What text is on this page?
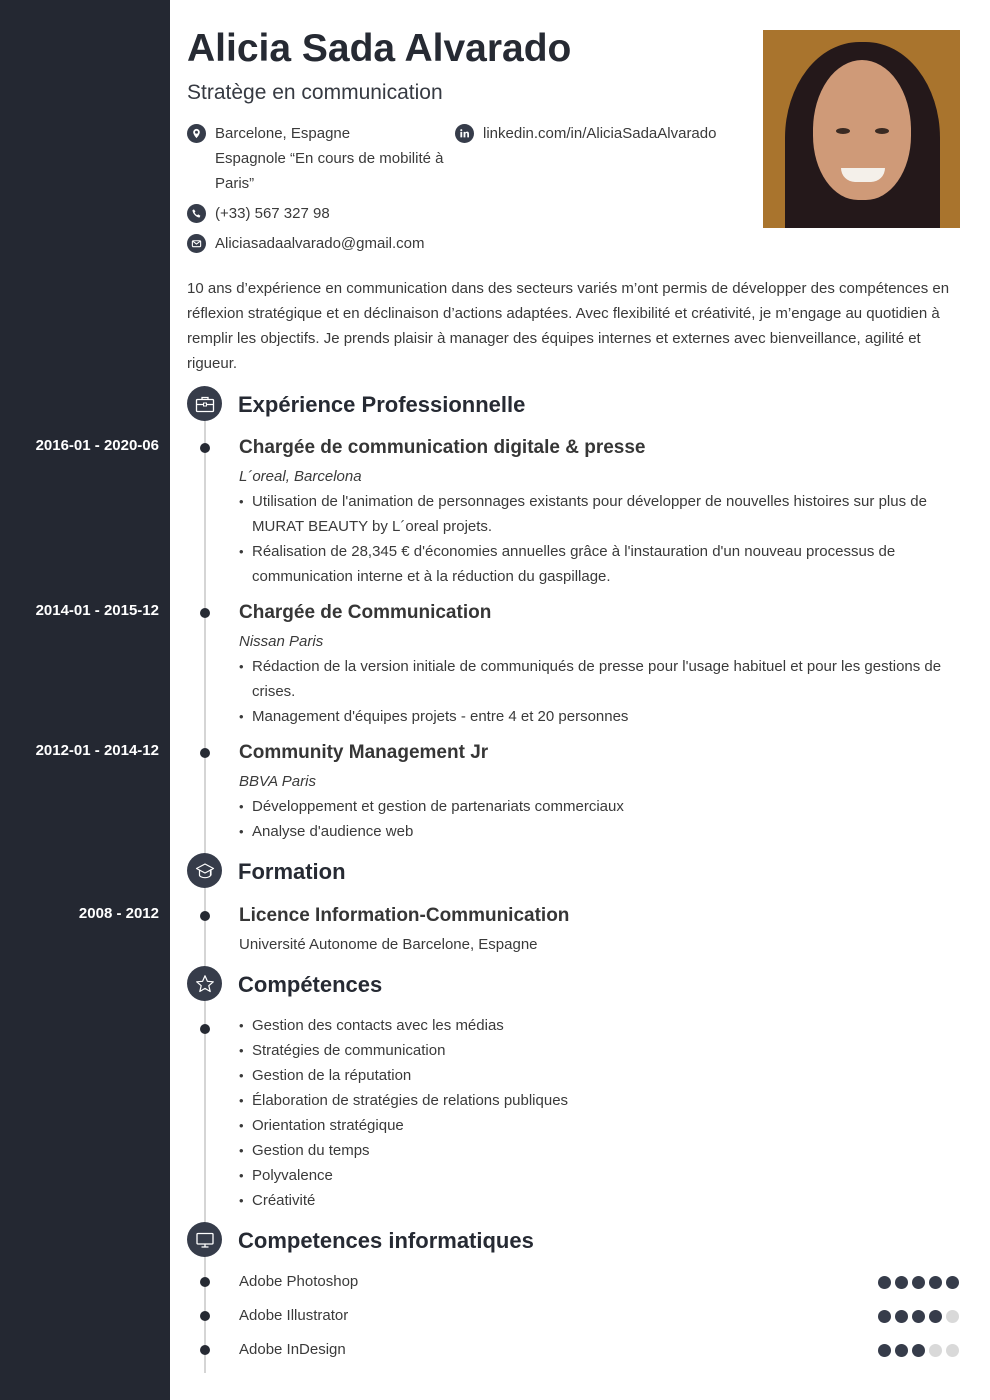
2016-01 - 2020-06
2014-01 - 2015-12
2012-01 - 2014-12
2008 - 2012
Alicia Sada Alvarado
Stratège en communication
Barcelone, Espagne
Espagnole “En cours de mobilité à
Paris”
(+33) 567 327 98
Aliciasadaalvarado@gmail.com
linkedin.com/in/AliciaSadaAlvarado

10 ans d’expérience en communication dans des secteurs variés m’ont permis de développer des compétences en réflexion stratégique et en déclinaison d’actions adaptées. Avec flexibilité et créativité, je m’engage au quotidien à remplir les objectifs. Je prends plaisir à manager des équipes internes et externes avec bienveillance, agilité et rigueur.

Expérience Professionnelle
Chargée de communication digitale & presse
L´oreal, Barcelona
• Utilisation de l'animation de personnages existants pour développer de nouvelles histoires sur plus de MURAT BEAUTY by L´oreal projets.
• Réalisation de 28,345 € d'économies annuelles grâce à l'instauration d'un nouveau processus de communication interne et à la réduction du gaspillage.
Chargée de Communication
Nissan Paris
• Rédaction de la version initiale de communiqués de presse pour l'usage habituel et pour les gestions de crises.
• Management d'équipes projets - entre 4 et 20 personnes
Community Management Jr
BBVA Paris
• Développement et gestion de partenariats commerciaux
• Analyse d'audience web
Formation
Licence Information-Communication
Université Autonome de Barcelone, Espagne
Compétences
• Gestion des contacts avec les médias
• Stratégies de communication
• Gestion de la réputation
• Élaboration de stratégies de relations publiques
• Orientation stratégique
• Gestion du temps
• Polyvalence
• Créativité
Competences informatiques
Adobe Photoshop
Adobe Illustrator
Adobe InDesign
